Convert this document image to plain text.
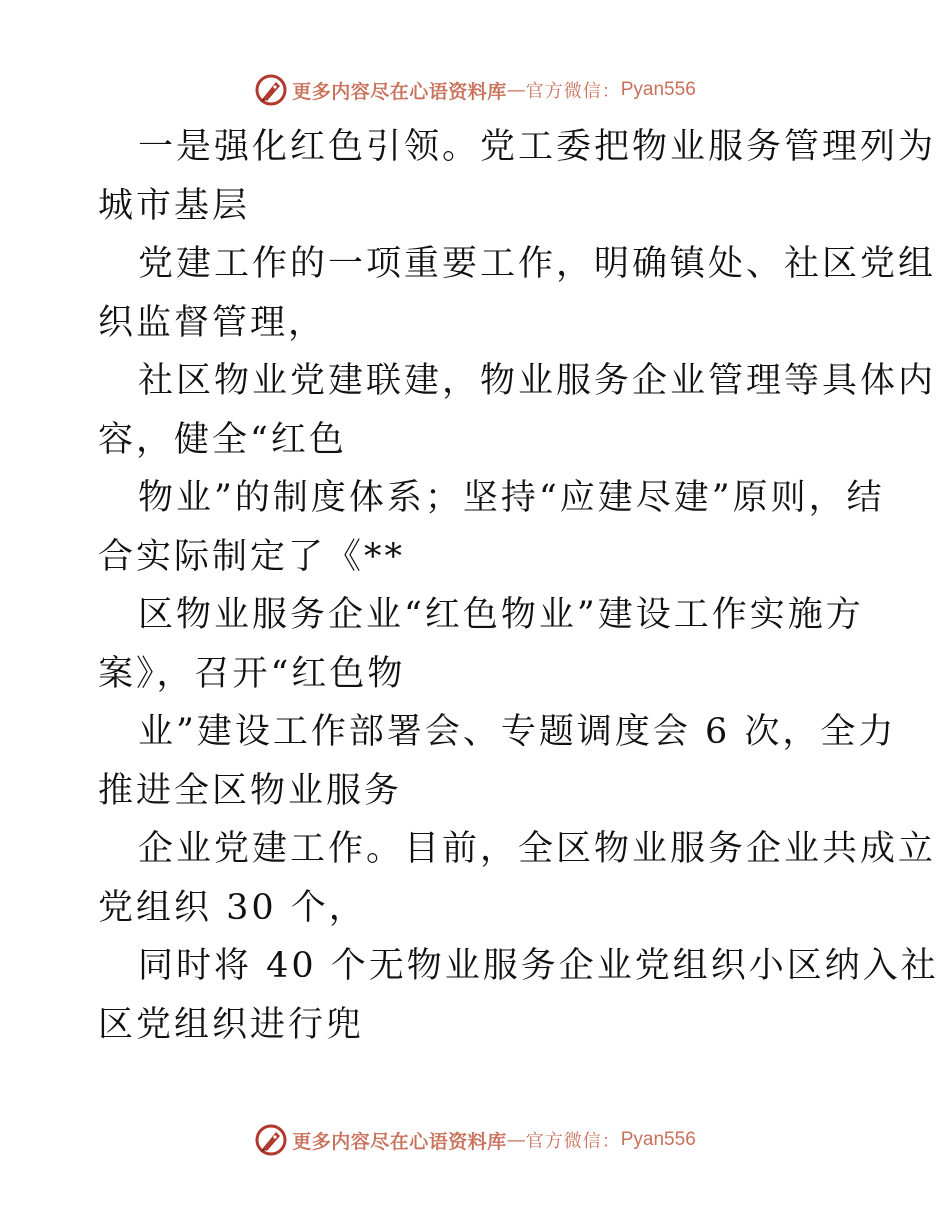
更多内容尽在心语资料库 — 官方微信： Pyan556
一是强化红色引领。党工委把物业服务管理列为
城市基层
党建工作的一项重要工作，明确镇处、社区党组
织监督管理，
社区物业党建联建，物业服务企业管理等具体内
容，健全“红色
物业”的制度体系；坚持“应建尽建”原则，结
合实际制定了《**
区物业服务企业“红色物业”建设工作实施方
案》，召开“红色物
业”建设工作部署会、专题调度会 6 次，全力
推进全区物业服务
企业党建工作。目前，全区物业服务企业共成立
党组织 30 个，
同时将 40 个无物业服务企业党组织小区纳入社
区党组织进行兜
更多内容尽在心语资料库 — 官方微信： Pyan556
